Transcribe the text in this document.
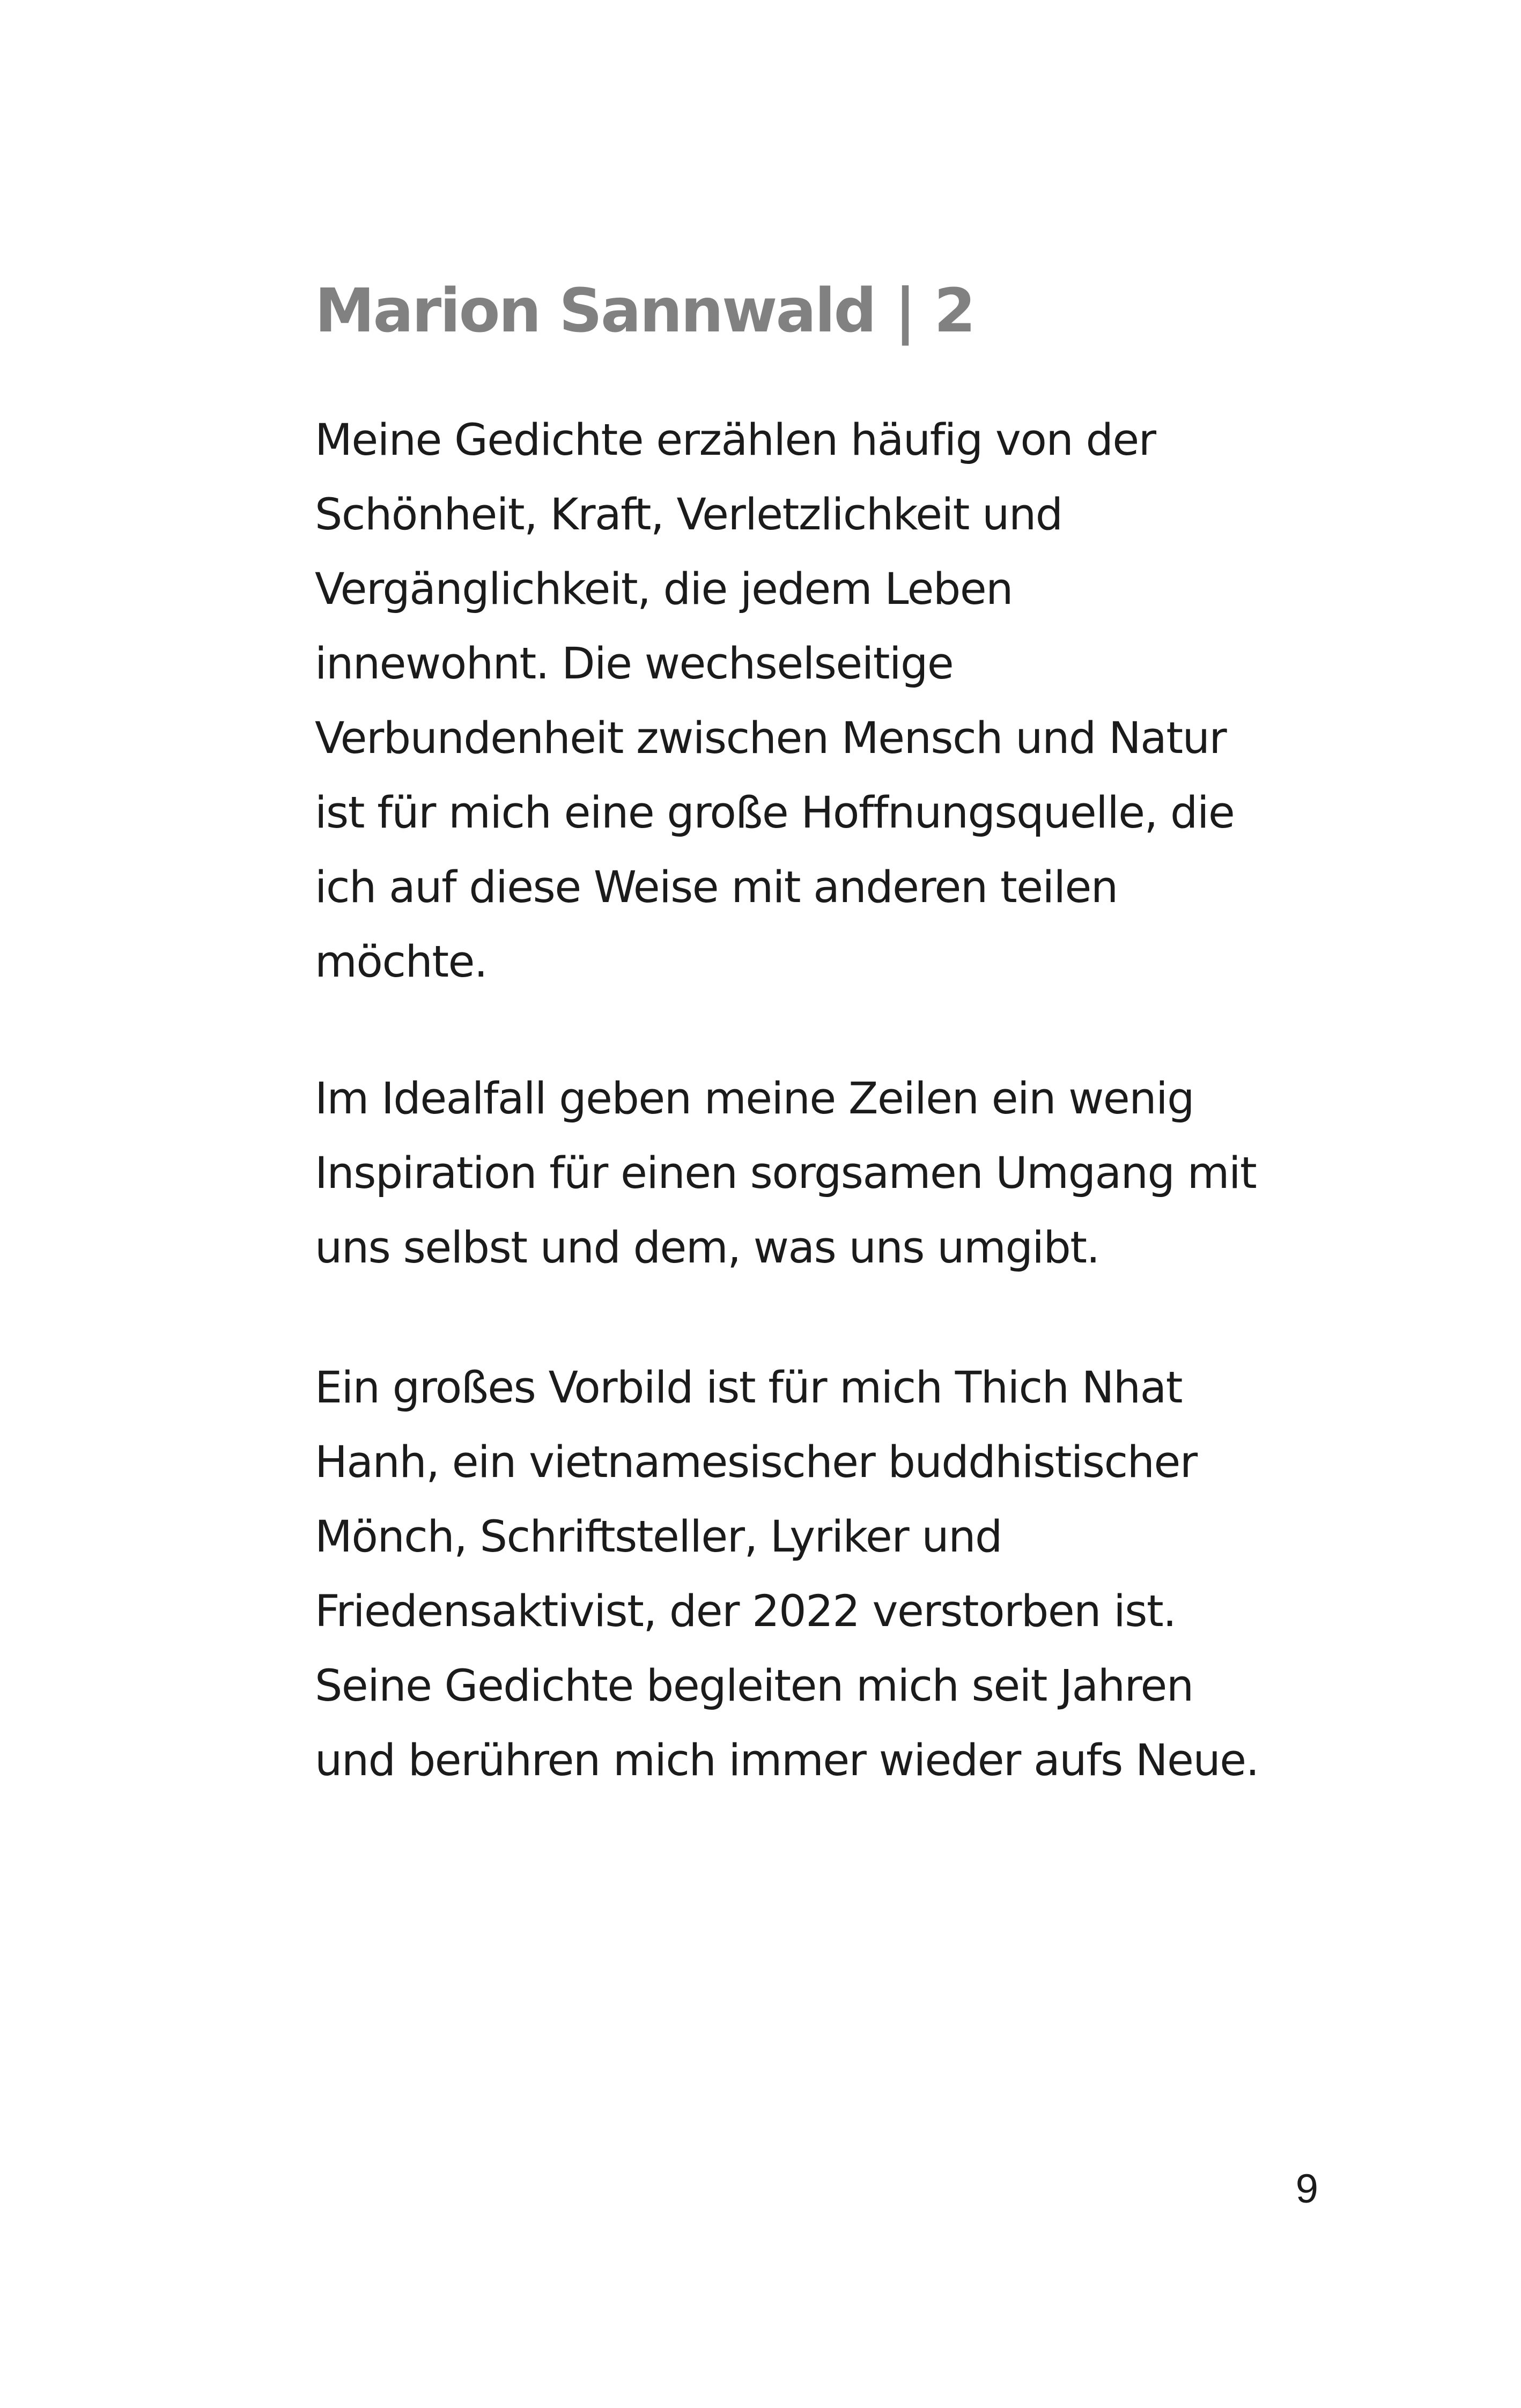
Marion Sannwald | 2

Meine Gedichte erzählen häufig von der
Schönheit, Kraft, Verletzlichkeit und
Vergänglichkeit, die jedem Leben
innewohnt. Die wechselseitige
Verbundenheit zwischen Mensch und Natur
ist für mich eine große Hoffnungsquelle, die
ich auf diese Weise mit anderen teilen
möchte.

Im Idealfall geben meine Zeilen ein wenig
Inspiration für einen sorgsamen Umgang mit
uns selbst und dem, was uns umgibt.

Ein großes Vorbild ist für mich Thich Nhat
Hanh, ein vietnamesischer buddhistischer
Mönch, Schriftsteller, Lyriker und
Friedensaktivist, der 2022 verstorben ist.
Seine Gedichte begleiten mich seit Jahren
und berühren mich immer wieder aufs Neue.

9
